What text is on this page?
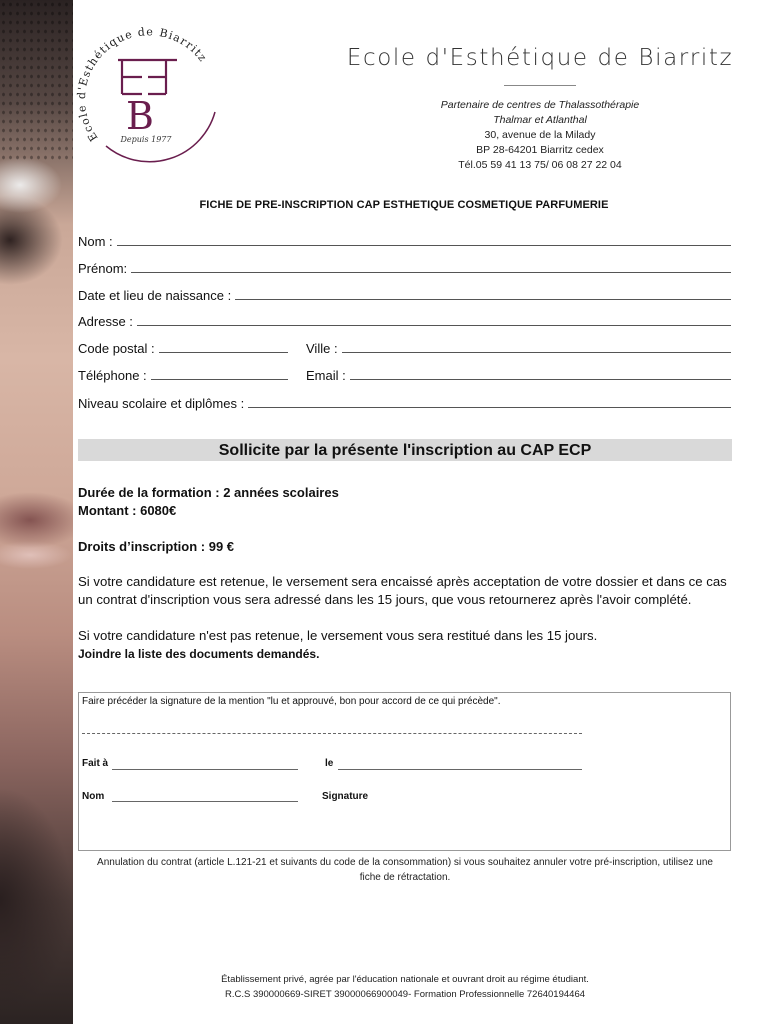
Ecole d'Esthétique de Biarritz
B
Depuis 1977

Ecole d'Esthétique de Biarritz

Partenaire de centres de Thalassothérapie
Thalmar et Atlanthal
30, avenue de la Milady
BP 28-64201 Biarritz cedex
Tél.05 59 41 13 75/ 06 08 27 22 04
FICHE DE PRE-INSCRIPTION CAP ESTHETIQUE COSMETIQUE PARFUMERIE
Nom :
Prénom:
Date et lieu de naissance :
Adresse :
Code postal :	Ville :
Téléphone :	Email :
Niveau scolaire et diplômes :
Sollicite par la présente l'inscription au CAP ECP
Durée de la formation : 2 années scolaires
Montant : 6080€
Droits d’inscription : 99 €
Si votre candidature est retenue, le versement sera encaissé après acceptation de votre dossier et dans ce cas un contrat d'inscription vous sera adressé dans les 15 jours, que vous retournerez après l'avoir complété.
Si votre candidature n'est pas retenue, le versement vous sera restitué dans les 15 jours.
Joindre la liste des documents demandés.
Faire précéder la signature de la mention "lu et approuvé, bon pour accord de ce qui précède".
Fait à	le
Nom	Signature
Annulation du contrat (article L.121-21 et suivants du code de la consommation) si vous souhaitez annuler votre pré-inscription, utilisez une fiche de rétractation.
Établissement privé, agrée par l'éducation nationale et ouvrant droit au régime étudiant.
R.C.S 390000669-SIRET 39000066900049- Formation Professionnelle 72640194464
